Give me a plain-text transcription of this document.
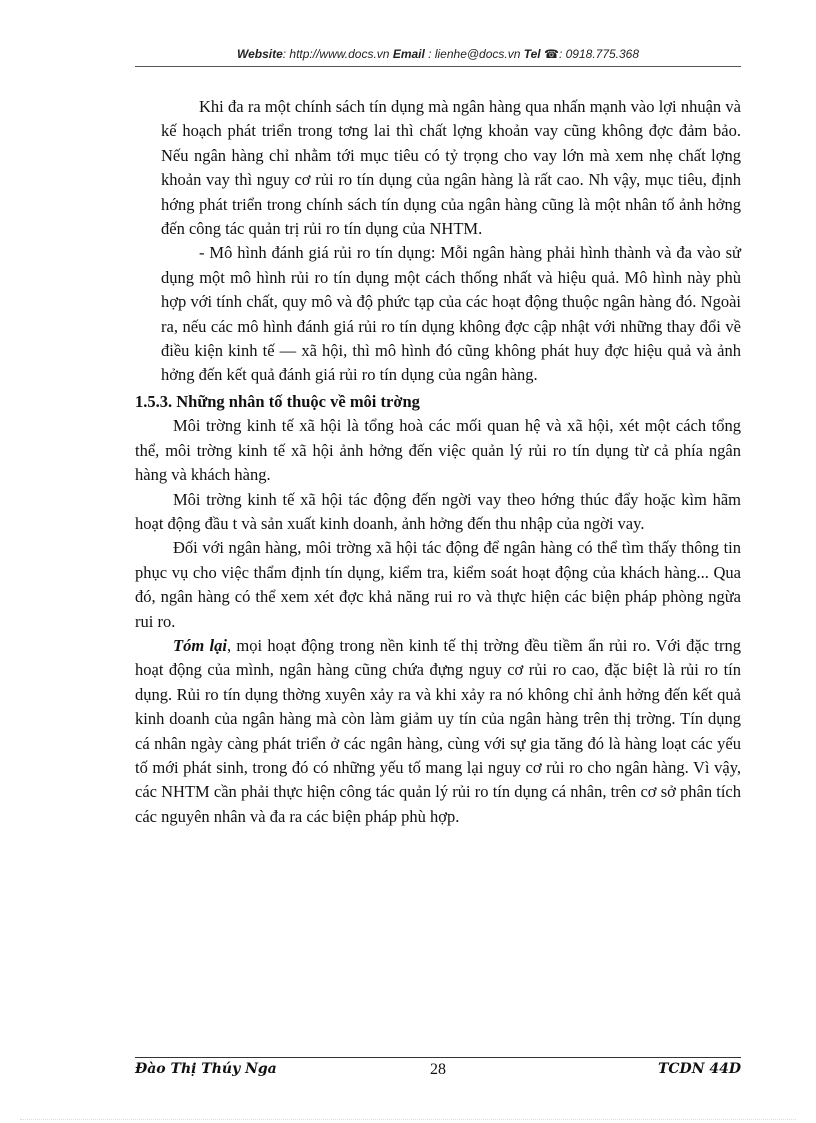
Website: http://www.docs.vn Email : lienhe@docs.vn Tel ☎: 0918.775.368

Khi đa ra một chính sách tín dụng mà ngân hàng qua nhấn mạnh vào lợi nhuận và kế hoạch phát triển trong tơng lai thì chất lợng khoản vay cũng không đợc đảm bảo. Nếu ngân hàng chỉ nhằm tới mục tiêu có tỷ trọng cho vay lớn mà xem nhẹ chất lợng khoản vay thì nguy cơ rủi ro tín dụng của ngân hàng là rất cao. Nh vậy, mục tiêu, định hớng phát triển trong chính sách tín dụng của ngân hàng cũng là một nhân tố ảnh hởng đến công tác quản trị rủi ro tín dụng của NHTM.

- Mô hình đánh giá rủi ro tín dụng: Mỗi ngân hàng phải hình thành và đa vào sử dụng một mô hình rủi ro tín dụng một cách thống nhất và hiệu quả. Mô hình này phù hợp với tính chất, quy mô và độ phức tạp của các hoạt động thuộc ngân hàng đó. Ngoài ra, nếu các mô hình đánh giá rủi ro tín dụng không đợc cập nhật với những thay đổi về điều kiện kinh tế — xã hội, thì mô hình đó cũng không phát huy đợc hiệu quả và ảnh hởng đến kết quả đánh giá rủi ro tín dụng của ngân hàng.

1.5.3. Những nhân tố thuộc về môi trờng

Môi trờng kinh tế xã hội là tổng hoà các mối quan hệ và xã hội, xét một cách tổng thể, môi trờng kinh tế xã hội ảnh hởng đến việc quản lý rủi ro tín dụng từ cả phía ngân hàng và khách hàng.

Môi trờng kinh tế xã hội tác động đến ngời vay theo hớng thúc đẩy hoặc kìm hãm hoạt động đầu t và sản xuất kinh doanh, ảnh hởng đến thu nhập của ngời vay.

Đối với ngân hàng, môi trờng xã hội tác động để ngân hàng có thể tìm thấy thông tin phục vụ cho việc thẩm định tín dụng, kiểm tra, kiểm soát hoạt động của khách hàng... Qua đó, ngân hàng có thể xem xét đợc khả năng rui ro và thực hiện các biện pháp phòng ngừa rui ro.

Tóm lại, mọi hoạt động trong nền kinh tế thị trờng đều tiềm ẩn rủi ro. Với đặc trng hoạt động của mình, ngân hàng cũng chứa đựng nguy cơ rủi ro cao, đặc biệt là rủi ro tín dụng. Rủi ro tín dụng thờng xuyên xảy ra và khi xảy ra nó không chỉ ảnh hởng đến kết quả kinh doanh của ngân hàng mà còn làm giảm uy tín của ngân hàng trên thị trờng. Tín dụng cá nhân ngày càng phát triển ở các ngân hàng, cùng với sự gia tăng đó là hàng loạt các yếu tố mới phát sinh, trong đó có những yếu tố mang lại nguy cơ rủi ro cho ngân hàng. Vì vậy, các NHTM cần phải thực hiện công tác quản lý rủi ro tín dụng cá nhân, trên cơ sở phân tích các nguyên nhân và đa ra các biện pháp phù hợp.

28
Đào Thị Thúy Nga	TCDN 44D
